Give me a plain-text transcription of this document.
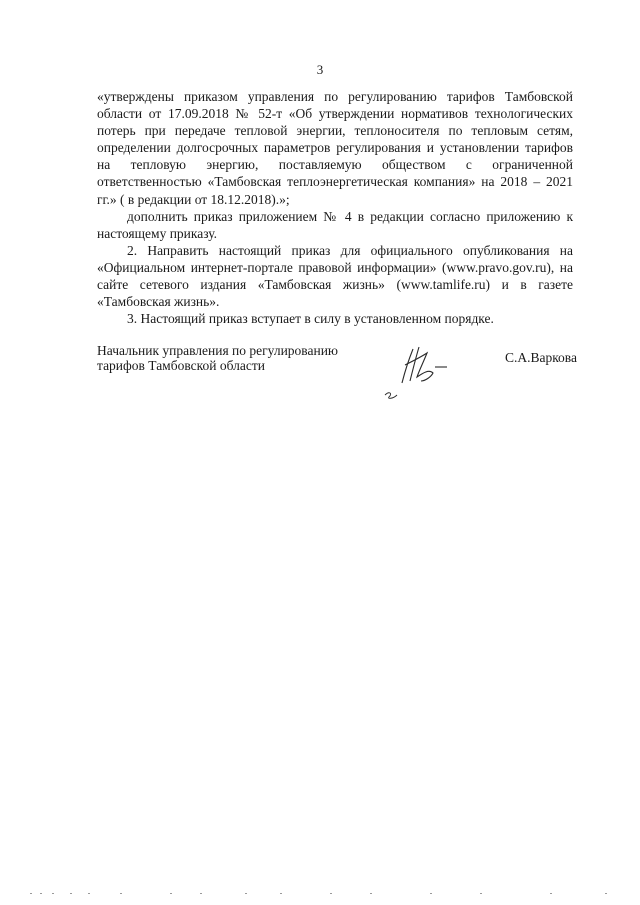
3

«утверждены приказом управления по регулированию тарифов Тамбовской области от 17.09.2018 № 52-т «Об утверждении нормативов технологических потерь при передаче тепловой энергии, теплоносителя по тепловым сетям, определении долгосрочных параметров регулирования и установлении тарифов на тепловую энергию, поставляемую обществом с ограниченной ответственностью «Тамбовская теплоэнергетическая компания» на 2018 – 2021 гг.» ( в редакции от 18.12.2018).»;

дополнить приказ приложением № 4 в редакции согласно приложению к настоящему приказу.

2. Направить настоящий приказ для официального опубликования на «Официальном интернет-портале правовой информации» (www.pravo.gov.ru), на сайте сетевого издания «Тамбовская жизнь» (www.tamlife.ru) и в газете «Тамбовская жизнь».

3. Настоящий приказ вступает в силу в установленном порядке.

Начальник управления по регулированию
тарифов Тамбовской области
С.А.Варкова
